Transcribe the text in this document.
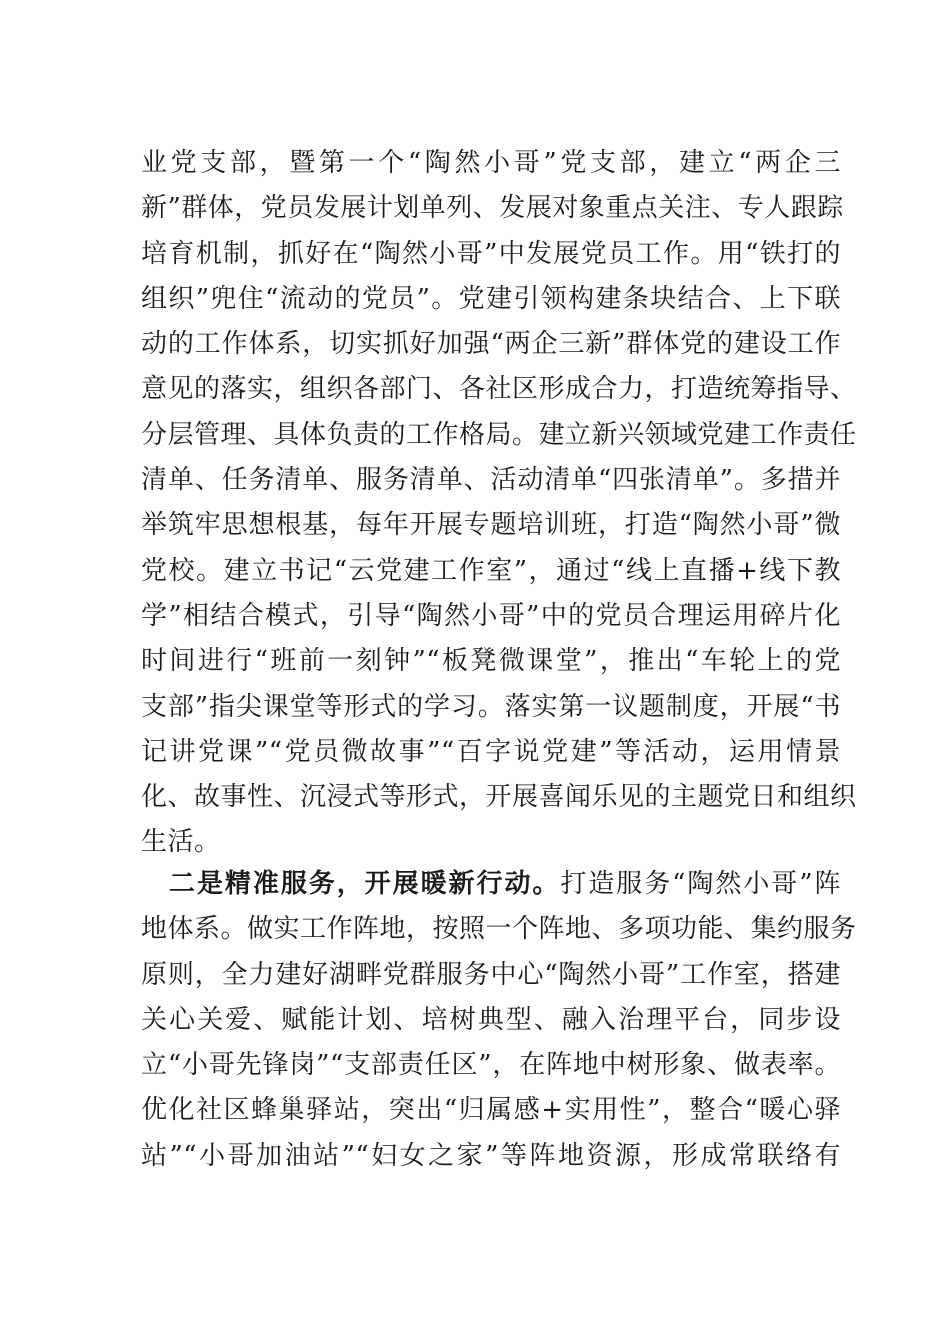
业党支部，暨第一个“陶然小哥”党支部，建立“两企三
新”群体，党员发展计划单列、发展对象重点关注、专人跟踪
培育机制，抓好在“陶然小哥”中发展党员工作。用“铁打的
组织”兜住“流动的党员”。党建引领构建条块结合、上下联
动的工作体系，切实抓好加强“两企三新”群体党的建设工作
意见的落实，组织各部门、各社区形成合力，打造统筹指导、
分层管理、具体负责的工作格局。建立新兴领域党建工作责任
清单、任务清单、服务清单、活动清单“四张清单”。多措并
举筑牢思想根基，每年开展专题培训班，打造“陶然小哥”微
党校。建立书记“云党建工作室”，通过“线上直播+线下教
学”相结合模式，引导“陶然小哥”中的党员合理运用碎片化
时间进行“班前一刻钟”“板凳微课堂”，推出“车轮上的党
支部”指尖课堂等形式的学习。落实第一议题制度，开展“书
记讲党课”“党员微故事”“百字说党建”等活动，运用情景
化、故事性、沉浸式等形式，开展喜闻乐见的主题党日和组织
生活。
二是精准服务，开展暖新行动。打造服务“陶然小哥”阵
地体系。做实工作阵地，按照一个阵地、多项功能、集约服务
原则，全力建好湖畔党群服务中心“陶然小哥”工作室，搭建
关心关爱、赋能计划、培树典型、融入治理平台，同步设
立“小哥先锋岗”“支部责任区”，在阵地中树形象、做表率。
优化社区蜂巢驿站，突出“归属感+实用性”，整合“暖心驿
站”“小哥加油站”“妇女之家”等阵地资源，形成常联络有
